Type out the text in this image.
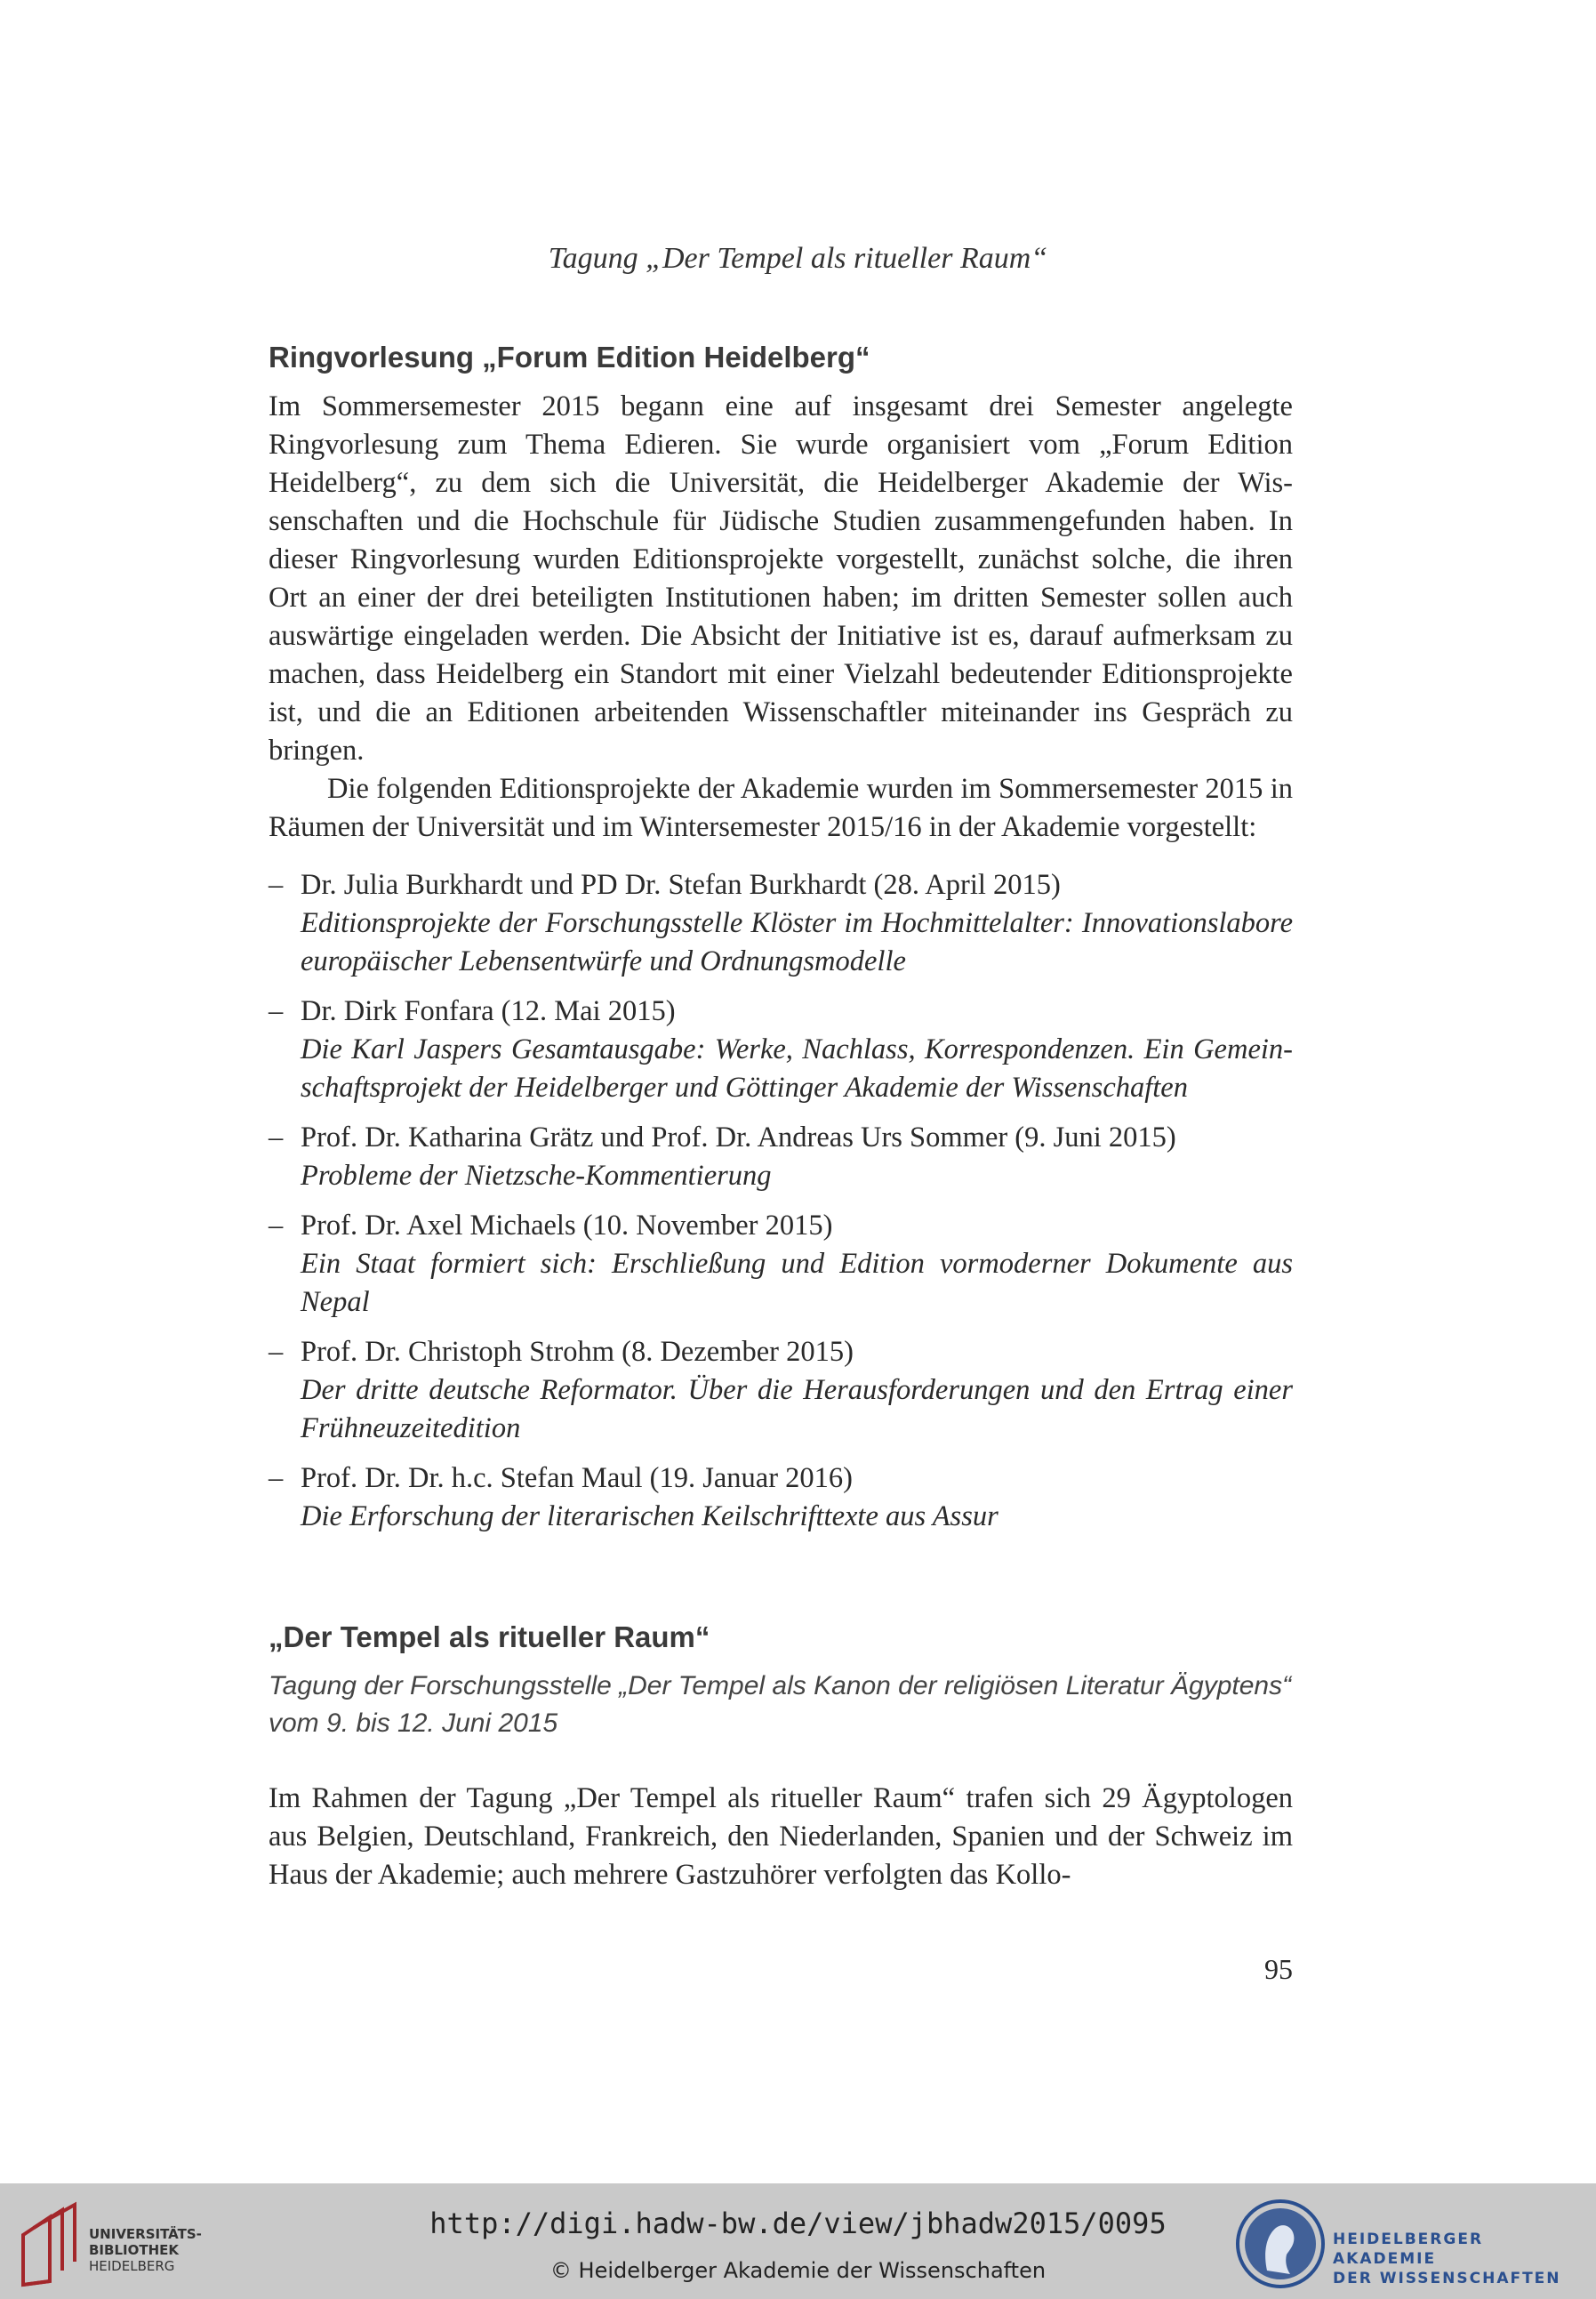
Tagung „Der Tempel als ritueller Raum“
Ringvorlesung „Forum Edition Heidelberg“

Im Sommersemester 2015 begann eine auf insgesamt drei Semester angelegte Ringvorlesung zum Thema Edieren. Sie wurde organisiert vom „Forum Edition Heidelberg“, zu dem sich die Universität, die Heidelberger Akademie der Wissenschaften und die Hochschule für Jüdische Studien zusammengefunden haben. In dieser Ringvorlesung wurden Editionsprojekte vorgestellt, zunächst solche, die ihren Ort an einer der drei beteiligten Institutionen haben; im dritten Semester sollen auch auswärtige eingeladen werden. Die Absicht der Initiative ist es, darauf aufmerksam zu machen, dass Heidelberg ein Standort mit einer Vielzahl bedeutender Editionsprojekte ist, und die an Editionen arbeitenden Wissenschaftler miteinander ins Gespräch zu bringen.

Die folgenden Editionsprojekte der Akademie wurden im Sommersemester 2015 in Räumen der Universität und im Wintersemester 2015/16 in der Akademie vorgestellt:

– Dr. Julia Burkhardt und PD Dr. Stefan Burkhardt (28. April 2015)
Editionsprojekte der Forschungsstelle Klöster im Hochmittelalter: Innovationslabore europäischer Lebensentwürfe und Ordnungsmodelle
– Dr. Dirk Fonfara (12. Mai 2015)
Die Karl Jaspers Gesamtausgabe: Werke, Nachlass, Korrespondenzen. Ein Gemeinschaftsprojekt der Heidelberger und Göttinger Akademie der Wissenschaften
– Prof. Dr. Katharina Grätz und Prof. Dr. Andreas Urs Sommer (9. Juni 2015)
Probleme der Nietzsche-Kommentierung
– Prof. Dr. Axel Michaels (10. November 2015)
Ein Staat formiert sich: Erschließung und Edition vormoderner Dokumente aus Nepal
– Prof. Dr. Christoph Strohm (8. Dezember 2015)
Der dritte deutsche Reformator. Über die Herausforderungen und den Ertrag einer Frühneuzeitedition
– Prof. Dr. Dr. h.c. Stefan Maul (19. Januar 2016)
Die Erforschung der literarischen Keilschrifttexte aus Assur
„Der Tempel als ritueller Raum“
Tagung der Forschungsstelle „Der Tempel als Kanon der religiösen Literatur Ägyptens“ vom 9. bis 12. Juni 2015

Im Rahmen der Tagung „Der Tempel als ritueller Raum“ trafen sich 29 Ägyptologen aus Belgien, Deutschland, Frankreich, den Niederlanden, Spanien und der Schweiz im Haus der Akademie; auch mehrere Gastzuhörer verfolgten das Kollo-

95
UNIVERSITÄTS-
BIBLIOTHEK
HEIDELBERG
http://digi.hadw-bw.de/view/jbhadw2015/0095
© Heidelberger Akademie der Wissenschaften
HEIDELBERGER AKADEMIE
DER WISSENSCHAFTEN
